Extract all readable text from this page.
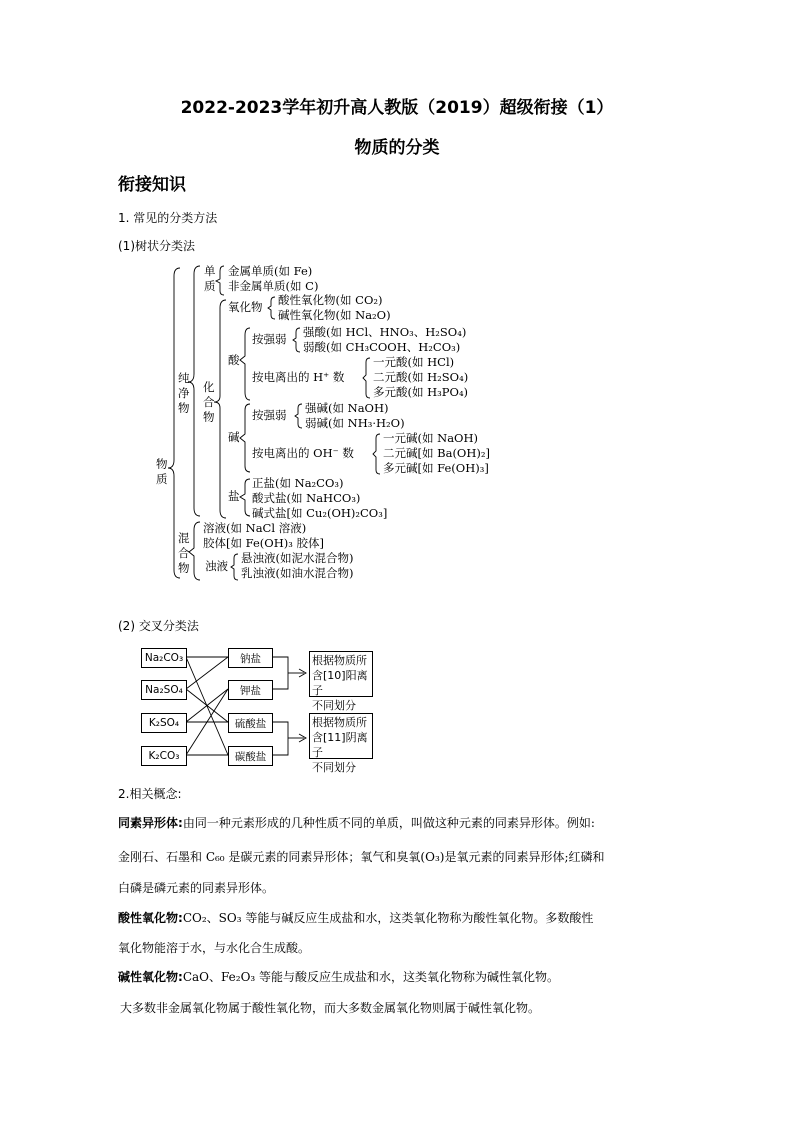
2022-2023学年初升高人教版（2019）超级衔接（1）
物质的分类
衔接知识
1. 常见的分类方法
(1)树状分类法
物
质
纯
净
物
单
质
金属单质(如 Fe)
非金属单质(如 C)
化
合
物
氧化物 酸性氧化物(如 CO₂)
碱性氧化物(如 Na₂O)
酸
按强弱 强酸(如 HCl、HNO₃、H₂SO₄)
弱酸(如 CH₃COOH、H₂CO₃)
按电离出的 H⁺ 数
一元酸(如 HCl)
二元酸(如 H₂SO₄)
多元酸(如 H₃PO₄)
碱
按强弱 强碱(如 NaOH)
弱碱(如 NH₃·H₂O)
按电离出的 OH⁻ 数
一元碱(如 NaOH)
二元碱[如 Ba(OH)₂]
多元碱[如 Fe(OH)₃]
盐
正盐(如 Na₂CO₃)
酸式盐(如 NaHCO₃)
碱式盐[如 Cu₂(OH)₂CO₃]
混
合
物
溶液(如 NaCl 溶液)
胶体[如 Fe(OH)₃ 胶体]
浊液
悬浊液(如泥水混合物)
乳浊液(如油水混合物)
(2) 交叉分类法
Na₂CO₃
Na₂SO₄
K₂SO₄
K₂CO₃
钠盐
钾盐
硫酸盐
碳酸盐
根据物质所
含[10]阳离子
不同划分
根据物质所
含[11]阴离子
不同划分
2.相关概念:
同素异形体:由同一种元素形成的几种性质不同的单质，叫做这种元素的同素异形体。例如:
金刚石、石墨和 C₆₀ 是碳元素的同素异形体；氧气和臭氧(O₃)是氧元素的同素异形体;红磷和
白磷是磷元素的同素异形体。
酸性氧化物:CO₂、SO₃ 等能与碱反应生成盐和水，这类氧化物称为酸性氧化物。多数酸性
氧化物能溶于水，与水化合生成酸。
碱性氧化物:CaO、Fe₂O₃ 等能与酸反应生成盐和水，这类氧化物称为碱性氧化物。
大多数非金属氧化物属于酸性氧化物，而大多数金属氧化物则属于碱性氧化物。
